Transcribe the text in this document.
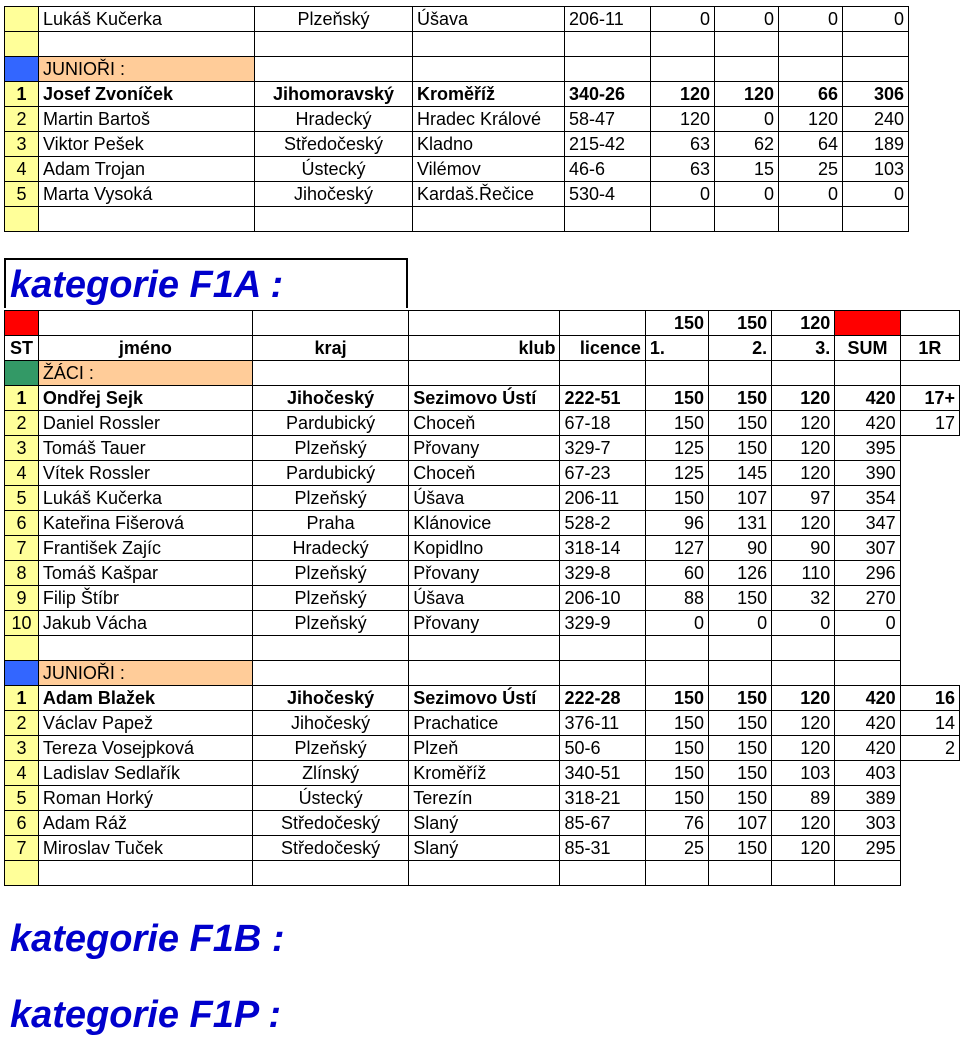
	Lukáš Kučerka	Plzeňský	Úšava	206-11	0	0	0	0

	JUNIOŘI :							
1	Josef Zvoníček	Jihomoravský	Kroměříž	340-26	120	120	66	306
2	Martin Bartoš	Hradecký	Hradec Králové	58-47	120	0	120	240
3	Viktor Pešek	Středočeský	Kladno	215-42	63	62	64	189
4	Adam Trojan	Ústecký	Vilémov	46-6	63	15	25	103
5	Marta Vysoká	Jihočeský	Kardaš.Řečice	530-4	0	0	0	0

kategorie F1A :
					150	150	120		
ST	jméno	kraj	klub	licence	1.	2.	3.	SUM	1R
	ŽÁCI :								
1	Ondřej Sejk	Jihočeský	Sezimovo Ústí	222-51	150	150	120	420	17+
2	Daniel Rossler	Pardubický	Choceň	67-18	150	150	120	420	17
3	Tomáš Tauer	Plzeňský	Přovany	329-7	125	150	120	395	
4	Vítek Rossler	Pardubický	Choceň	67-23	125	145	120	390	
5	Lukáš Kučerka	Plzeňský	Úšava	206-11	150	107	97	354	
6	Kateřina Fišerová	Praha	Klánovice	528-2	96	131	120	347	
7	František Zajíc	Hradecký	Kopidlno	318-14	127	90	90	307	
8	Tomáš Kašpar	Plzeňský	Přovany	329-8	60	126	110	296	
9	Filip Štíbr	Plzeňský	Úšava	206-10	88	150	32	270	
10	Jakub Vácha	Plzeňský	Přovany	329-9	0	0	0	0	

	JUNIOŘI :								
1	Adam Blažek	Jihočeský	Sezimovo Ústí	222-28	150	150	120	420	16
2	Václav Papež	Jihočeský	Prachatice	376-11	150	150	120	420	14
3	Tereza Vosejpková	Plzeňský	Plzeň	50-6	150	150	120	420	2
4	Ladislav Sedlařík	Zlínský	Kroměříž	340-51	150	150	103	403	
5	Roman Horký	Ústecký	Terezín	318-21	150	150	89	389	
6	Adam Ráž	Středočeský	Slaný	85-67	76	107	120	303	
7	Miroslav Tuček	Středočeský	Slaný	85-31	25	150	120	295	

kategorie F1B :
kategorie F1P :
